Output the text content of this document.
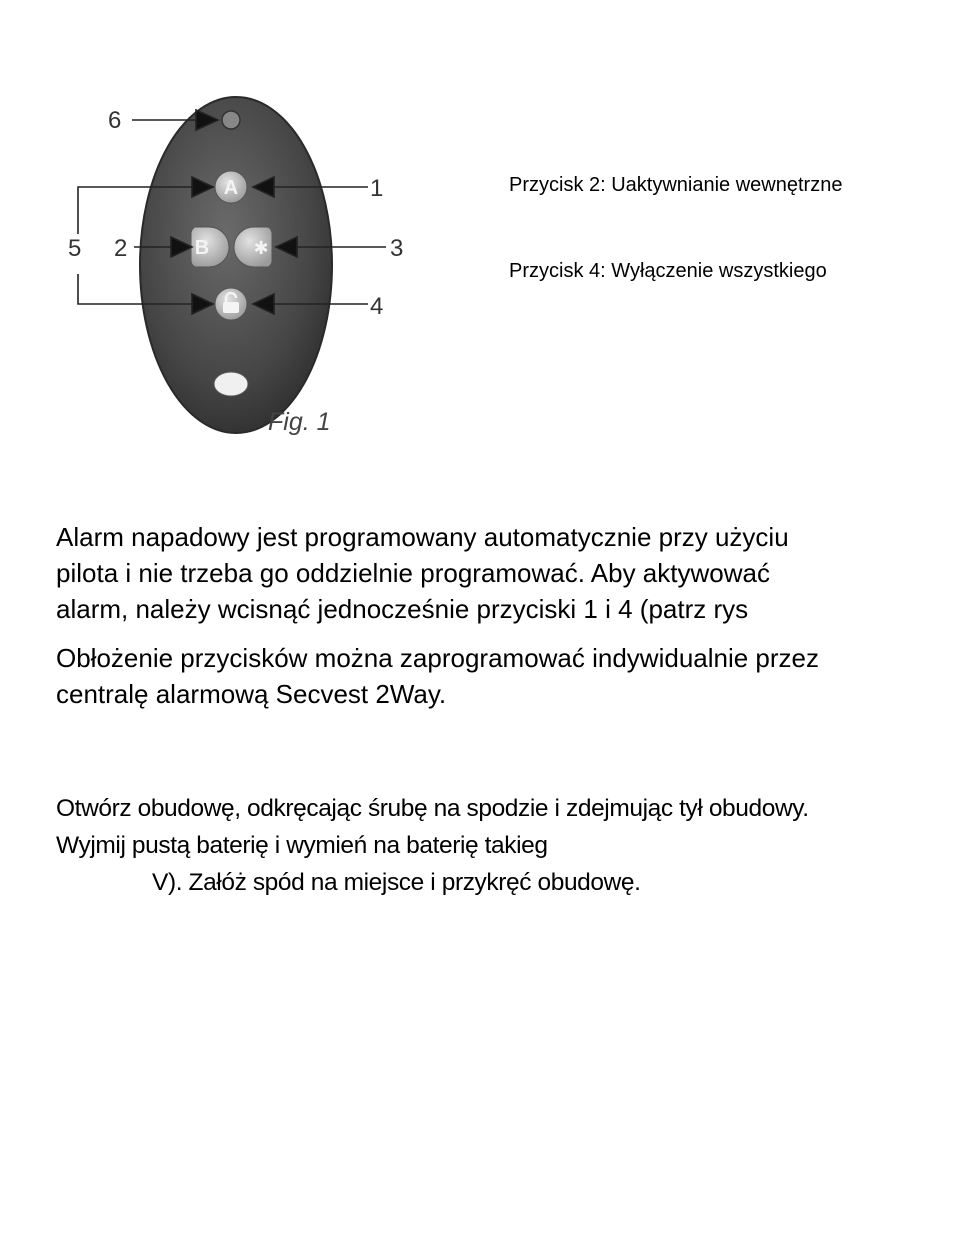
A
B ✱
6
1
5 2	3
4
Fig. 1
Przycisk 2: Uaktywnianie wewnętrzne
Przycisk 4: Wyłączenie wszystkiego

Alarm napadowy jest programowany automatycznie przy użyciu
pilota i nie trzeba go oddzielnie programować. Aby aktywować
alarm, należy wcisnąć jednocześnie przyciski 1 i 4 (patrz rys

Obłożenie przycisków można zaprogramować indywidualnie przez
centralę alarmową Secvest 2Way.

Otwórz obudowę, odkręcając śrubę na spodzie i zdejmując tył obudowy.
Wyjmij pustą baterię i wymień na baterię takieg
V). Załóż spód na miejsce i przykręć obudowę.
